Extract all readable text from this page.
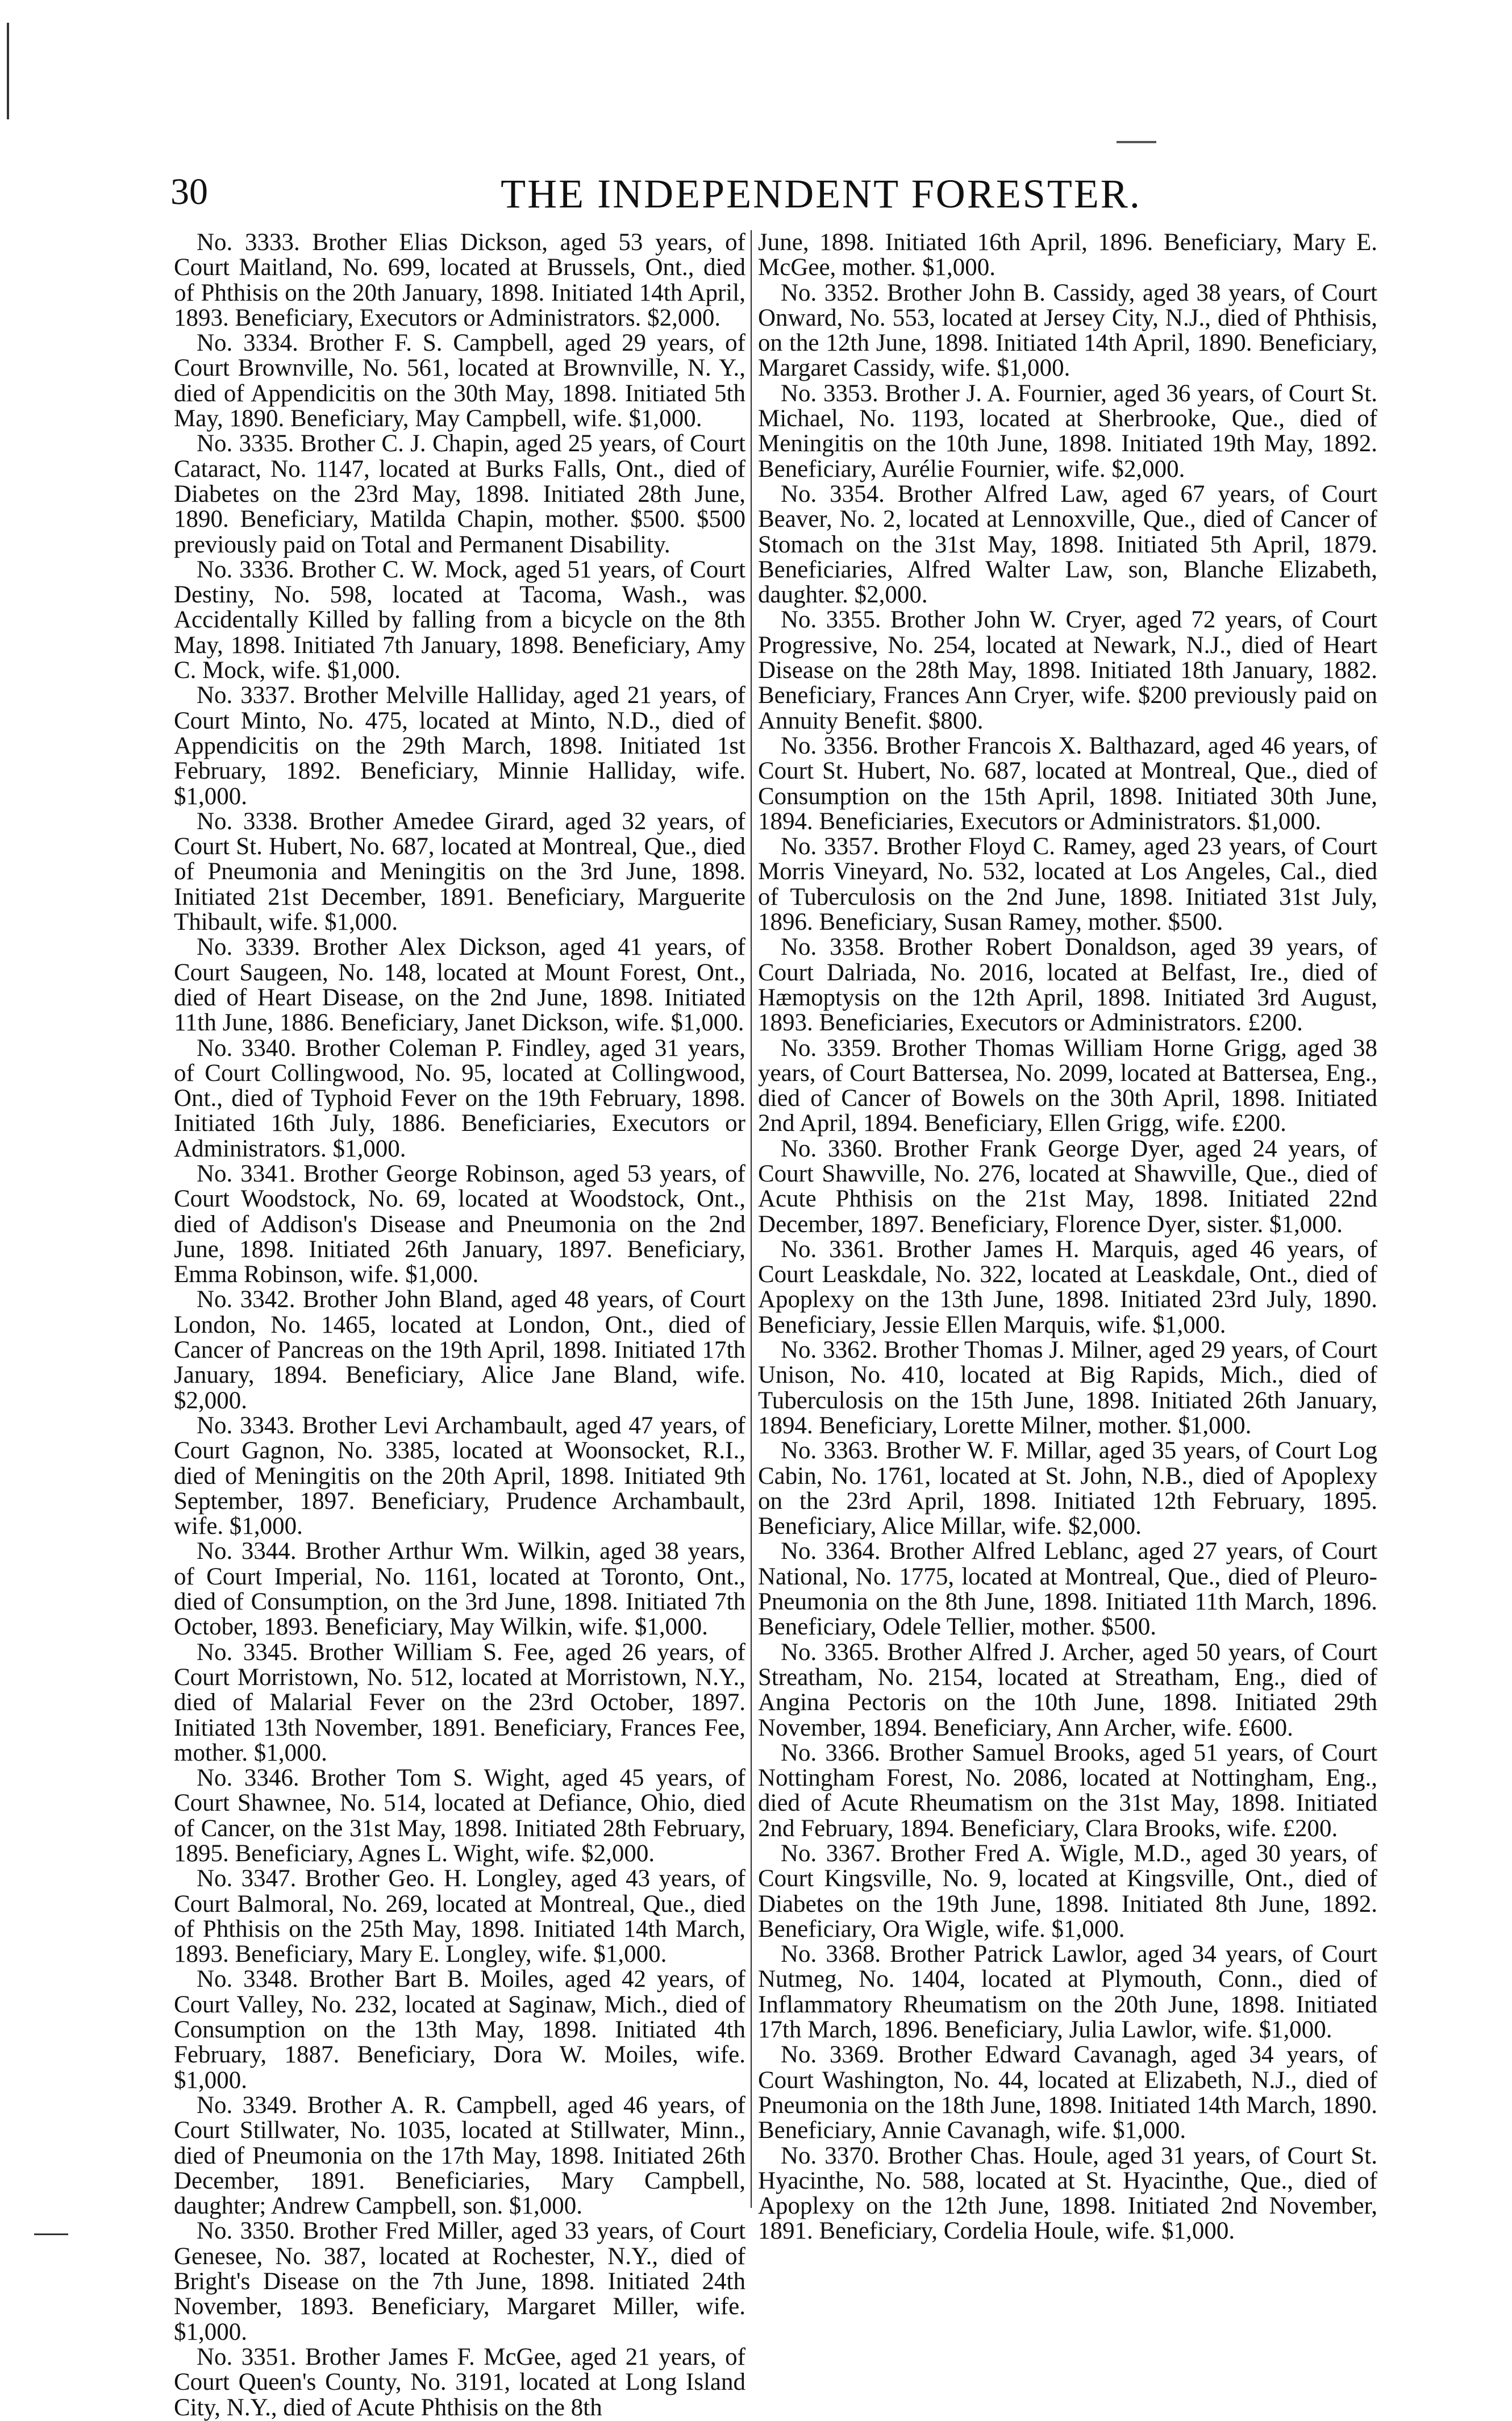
30	THE INDEPENDENT FORESTER.

No. 3333. Brother Elias Dickson, aged 53 years, of Court Maitland, No. 699, located at Brussels, Ont., died of Phthisis on the 20th January, 1898. Initiated 14th April, 1893. Beneficiary, Executors or Administrators. $2,000.

No. 3334. Brother F. S. Campbell, aged 29 years, of Court Brownville, No. 561, located at Brownville, N. Y., died of Appendicitis on the 30th May, 1898. Initiated 5th May, 1890. Beneficiary, May Campbell, wife. $1,000.

No. 3335. Brother C. J. Chapin, aged 25 years, of Court Cataract, No. 1147, located at Burks Falls, Ont., died of Diabetes on the 23rd May, 1898. Initiated 28th June, 1890. Beneficiary, Matilda Chapin, mother. $500. $500 previously paid on Total and Permanent Disability.

No. 3336. Brother C. W. Mock, aged 51 years, of Court Destiny, No. 598, located at Tacoma, Wash., was Accidentally Killed by falling from a bicycle on the 8th May, 1898. Initiated 7th January, 1898. Beneficiary, Amy C. Mock, wife. $1,000.

No. 3337. Brother Melville Halliday, aged 21 years, of Court Minto, No. 475, located at Minto, N.D., died of Appendicitis on the 29th March, 1898. Initiated 1st February, 1892. Beneficiary, Minnie Halliday, wife. $1,000.

No. 3338. Brother Amedee Girard, aged 32 years, of Court St. Hubert, No. 687, located at Montreal, Que., died of Pneumonia and Meningitis on the 3rd June, 1898. Initiated 21st December, 1891. Beneficiary, Marguerite Thibault, wife. $1,000.

No. 3339. Brother Alex Dickson, aged 41 years, of Court Saugeen, No. 148, located at Mount Forest, Ont., died of Heart Disease, on the 2nd June, 1898. Initiated 11th June, 1886. Beneficiary, Janet Dickson, wife. $1,000.

No. 3340. Brother Coleman P. Findley, aged 31 years, of Court Collingwood, No. 95, located at Collingwood, Ont., died of Typhoid Fever on the 19th February, 1898. Initiated 16th July, 1886. Beneficiaries, Executors or Administrators. $1,000.

No. 3341. Brother George Robinson, aged 53 years, of Court Woodstock, No. 69, located at Woodstock, Ont., died of Addison's Disease and Pneumonia on the 2nd June, 1898. Initiated 26th January, 1897. Beneficiary, Emma Robinson, wife. $1,000.

No. 3342. Brother John Bland, aged 48 years, of Court London, No. 1465, located at London, Ont., died of Cancer of Pancreas on the 19th April, 1898. Initiated 17th January, 1894. Beneficiary, Alice Jane Bland, wife. $2,000.

No. 3343. Brother Levi Archambault, aged 47 years, of Court Gagnon, No. 3385, located at Woonsocket, R.I., died of Meningitis on the 20th April, 1898. Initiated 9th September, 1897. Beneficiary, Prudence Archambault, wife. $1,000.

No. 3344. Brother Arthur Wm. Wilkin, aged 38 years, of Court Imperial, No. 1161, located at Toronto, Ont., died of Consumption, on the 3rd June, 1898. Initiated 7th October, 1893. Beneficiary, May Wilkin, wife. $1,000.

No. 3345. Brother William S. Fee, aged 26 years, of Court Morristown, No. 512, located at Morristown, N.Y., died of Malarial Fever on the 23rd October, 1897. Initiated 13th November, 1891. Beneficiary, Frances Fee, mother. $1,000.

No. 3346. Brother Tom S. Wight, aged 45 years, of Court Shawnee, No. 514, located at Defiance, Ohio, died of Cancer, on the 31st May, 1898. Initiated 28th February, 1895. Beneficiary, Agnes L. Wight, wife. $2,000.

No. 3347. Brother Geo. H. Longley, aged 43 years, of Court Balmoral, No. 269, located at Montreal, Que., died of Phthisis on the 25th May, 1898. Initiated 14th March, 1893. Beneficiary, Mary E. Longley, wife. $1,000.

No. 3348. Brother Bart B. Moiles, aged 42 years, of Court Valley, No. 232, located at Saginaw, Mich., died of Consumption on the 13th May, 1898. Initiated 4th February, 1887. Beneficiary, Dora W. Moiles, wife. $1,000.

No. 3349. Brother A. R. Campbell, aged 46 years, of Court Stillwater, No. 1035, located at Stillwater, Minn., died of Pneumonia on the 17th May, 1898. Initiated 26th December, 1891. Beneficiaries, Mary Campbell, daughter; Andrew Campbell, son. $1,000.

No. 3350. Brother Fred Miller, aged 33 years, of Court Genesee, No. 387, located at Rochester, N.Y., died of Bright's Disease on the 7th June, 1898. Initiated 24th November, 1893. Beneficiary, Margaret Miller, wife. $1,000.

No. 3351. Brother James F. McGee, aged 21 years, of Court Queen's County, No. 3191, located at Long Island City, N.Y., died of Acute Phthisis on the 8th

June, 1898. Initiated 16th April, 1896. Beneficiary, Mary E. McGee, mother. $1,000.

No. 3352. Brother John B. Cassidy, aged 38 years, of Court Onward, No. 553, located at Jersey City, N.J., died of Phthisis, on the 12th June, 1898. Initiated 14th April, 1890. Beneficiary, Margaret Cassidy, wife. $1,000.

No. 3353. Brother J. A. Fournier, aged 36 years, of Court St. Michael, No. 1193, located at Sherbrooke, Que., died of Meningitis on the 10th June, 1898. Initiated 19th May, 1892. Beneficiary, Aurélie Fournier, wife. $2,000.

No. 3354. Brother Alfred Law, aged 67 years, of Court Beaver, No. 2, located at Lennoxville, Que., died of Cancer of Stomach on the 31st May, 1898. Initiated 5th April, 1879. Beneficiaries, Alfred Walter Law, son, Blanche Elizabeth, daughter. $2,000.

No. 3355. Brother John W. Cryer, aged 72 years, of Court Progressive, No. 254, located at Newark, N.J., died of Heart Disease on the 28th May, 1898. Initiated 18th January, 1882. Beneficiary, Frances Ann Cryer, wife. $200 previously paid on Annuity Benefit. $800.

No. 3356. Brother Francois X. Balthazard, aged 46 years, of Court St. Hubert, No. 687, located at Montreal, Que., died of Consumption on the 15th April, 1898. Initiated 30th June, 1894. Beneficiaries, Executors or Administrators. $1,000.

No. 3357. Brother Floyd C. Ramey, aged 23 years, of Court Morris Vineyard, No. 532, located at Los Angeles, Cal., died of Tuberculosis on the 2nd June, 1898. Initiated 31st July, 1896. Beneficiary, Susan Ramey, mother. $500.

No. 3358. Brother Robert Donaldson, aged 39 years, of Court Dalriada, No. 2016, located at Belfast, Ire., died of Hæmoptysis on the 12th April, 1898. Initiated 3rd August, 1893. Beneficiaries, Executors or Administrators. £200.

No. 3359. Brother Thomas William Horne Grigg, aged 38 years, of Court Battersea, No. 2099, located at Battersea, Eng., died of Cancer of Bowels on the 30th April, 1898. Initiated 2nd April, 1894. Beneficiary, Ellen Grigg, wife. £200.

No. 3360. Brother Frank George Dyer, aged 24 years, of Court Shawville, No. 276, located at Shawville, Que., died of Acute Phthisis on the 21st May, 1898. Initiated 22nd December, 1897. Beneficiary, Florence Dyer, sister. $1,000.

No. 3361. Brother James H. Marquis, aged 46 years, of Court Leaskdale, No. 322, located at Leaskdale, Ont., died of Apoplexy on the 13th June, 1898. Initiated 23rd July, 1890. Beneficiary, Jessie Ellen Marquis, wife. $1,000.

No. 3362. Brother Thomas J. Milner, aged 29 years, of Court Unison, No. 410, located at Big Rapids, Mich., died of Tuberculosis on the 15th June, 1898. Initiated 26th January, 1894. Beneficiary, Lorette Milner, mother. $1,000.

No. 3363. Brother W. F. Millar, aged 35 years, of Court Log Cabin, No. 1761, located at St. John, N.B., died of Apoplexy on the 23rd April, 1898. Initiated 12th February, 1895. Beneficiary, Alice Millar, wife. $2,000.

No. 3364. Brother Alfred Leblanc, aged 27 years, of Court National, No. 1775, located at Montreal, Que., died of Pleuro-Pneumonia on the 8th June, 1898. Initiated 11th March, 1896. Beneficiary, Odele Tellier, mother. $500.

No. 3365. Brother Alfred J. Archer, aged 50 years, of Court Streatham, No. 2154, located at Streatham, Eng., died of Angina Pectoris on the 10th June, 1898. Initiated 29th November, 1894. Beneficiary, Ann Archer, wife. £600.

No. 3366. Brother Samuel Brooks, aged 51 years, of Court Nottingham Forest, No. 2086, located at Nottingham, Eng., died of Acute Rheumatism on the 31st May, 1898. Initiated 2nd February, 1894. Beneficiary, Clara Brooks, wife. £200.

No. 3367. Brother Fred A. Wigle, M.D., aged 30 years, of Court Kingsville, No. 9, located at Kingsville, Ont., died of Diabetes on the 19th June, 1898. Initiated 8th June, 1892. Beneficiary, Ora Wigle, wife. $1,000.

No. 3368. Brother Patrick Lawlor, aged 34 years, of Court Nutmeg, No. 1404, located at Plymouth, Conn., died of Inflammatory Rheumatism on the 20th June, 1898. Initiated 17th March, 1896. Beneficiary, Julia Lawlor, wife. $1,000.

No. 3369. Brother Edward Cavanagh, aged 34 years, of Court Washington, No. 44, located at Elizabeth, N.J., died of Pneumonia on the 18th June, 1898. Initiated 14th March, 1890. Beneficiary, Annie Cavanagh, wife. $1,000.

No. 3370. Brother Chas. Houle, aged 31 years, of Court St. Hyacinthe, No. 588, located at St. Hyacinthe, Que., died of Apoplexy on the 12th June, 1898. Initiated 2nd November, 1891. Beneficiary, Cordelia Houle, wife. $1,000.
